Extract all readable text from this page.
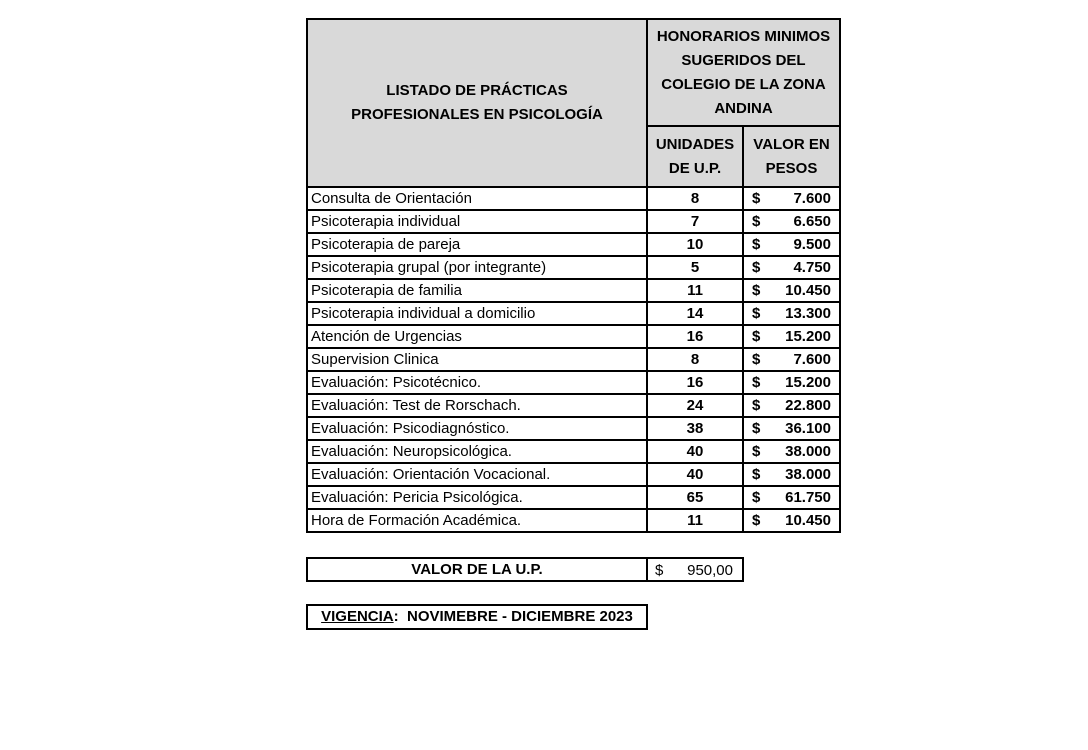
LISTADO DE PRÁCTICAS PROFESIONALES EN PSICOLOGÍA	HONORARIOS MINIMOS SUGERIDOS DEL COLEGIO DE LA ZONA ANDINA	
	UNIDADES DE U.P.	VALOR EN PESOS
Consulta de Orientación	8	$ 7.600

Psicoterapia individual	7	$ 6.650

Psicoterapia de pareja	10	$ 9.500

Psicoterapia grupal (por integrante)	5	$ 4.750

Psicoterapia de familia	11	$ 10.450

Psicoterapia individual a domicilio	14	$ 13.300

Atención de Urgencias	16	$ 15.200

Supervision Clinica	8	$ 7.600

Evaluación: Psicotécnico.	16	$ 15.200

Evaluación: Test de Rorschach.	24	$ 22.800

Evaluación: Psicodiagnóstico.	38	$ 36.100

Evaluación: Neuropsicológica.	40	$ 38.000

Evaluación: Orientación Vocacional.	40	$ 38.000

Evaluación: Pericia Psicológica.	65	$ 61.750

Hora de Formación Académica.	11	$ 10.450
VALOR DE LA U.P.	$ 950,00
VIGENCIA: NOVIMEBRE - DICIEMBRE 2023
